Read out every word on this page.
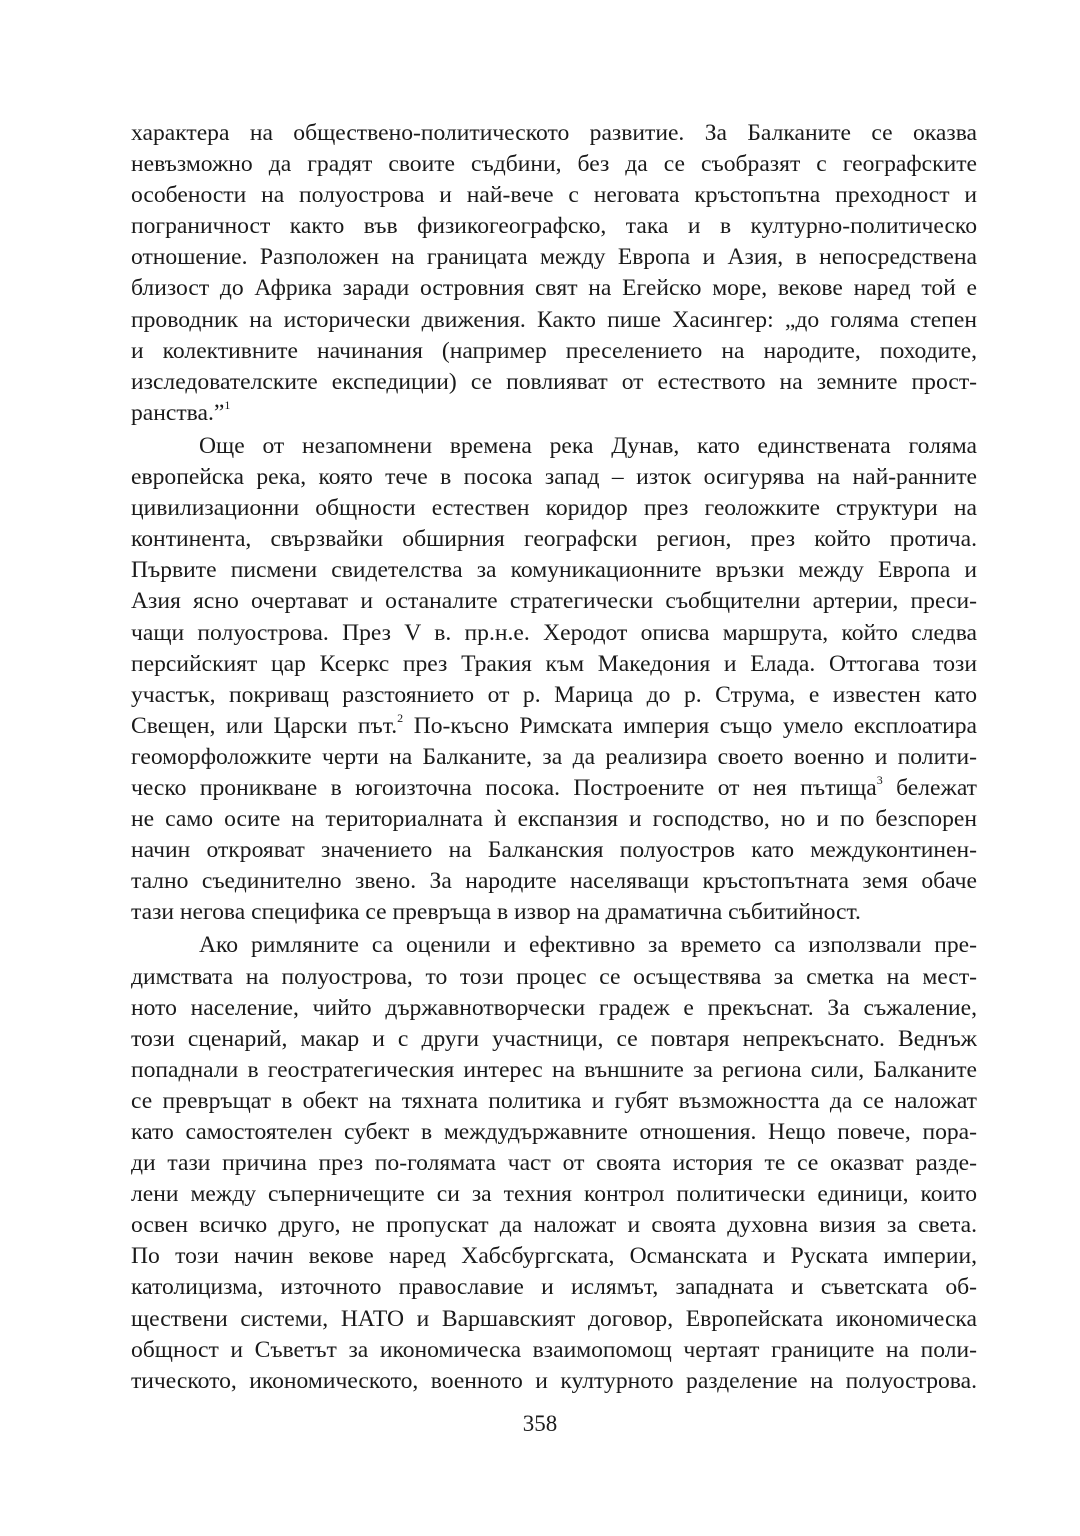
характера на обществено-политическото развитие. За Балканите се оказва
невъзможно да градят своите съдбини, без да се съобразят с географските
особености на полуострова и най-вече с неговата кръстопътна преходност и
пограничност както във физикогеографско, така и в културно-политическо
отношение. Разположен на границата между Европа и Азия, в непосредствена
близост до Африка заради островния свят на Егейско море, векове наред той е
проводник на исторически движения. Както пише Хасингер: „до голяма степен
и колективните начинания (например преселението на народите, походите,
изследователските експедиции) се повлияват от естеството на земните прост-
ранства.”$^1$

Още от незапомнени времена река Дунав, като единствената голяма
европейска река, която тече в посока запад – изток осигурява на най-ранните
цивилизационни общности естествен коридор през геоложките структури на
континента, свързвайки обширния географски регион, през който протича.
Първите писмени свидетелства за комуникационните връзки между Европа и
Азия ясно очертават и останалите стратегически съобщителни артерии, преси-
чащи полуострова. През V в. пр.н.е. Херодот описва маршрута, който следва
персийският цар Ксеркс през Тракия към Македония и Елада. Оттогава този
участък, покриващ разстоянието от р. Марица до р. Струма, е известен като
Свещен, или Царски път.$^2$ По-късно Римската империя също умело експлоатира
геоморфоложките черти на Балканите, за да реализира своето военно и полити-
ческо проникване в югоизточна посока. Построените от нея пътища$^3$ бележат
не само осите на териториалната ѝ експанзия и господство, но и по безспорен
начин открояват значението на Балканския полуостров като междуконтинен-
тално съединително звено. За народите населяващи кръстопътната земя обаче
тази негова специфика се превръща в извор на драматична събитийност.

Ако римляните са оценили и ефективно за времето са използвали пре-
димствата на полуострова, то този процес се осъществява за сметка на мест-
ното население, чийто държавнотворчески градеж е прекъснат. За съжаление,
този сценарий, макар и с други участници, се повтаря непрекъснато. Веднъж
попаднали в геостратегическия интерес на външните за региона сили, Балканите
се превръщат в обект на тяхната политика и губят възможността да се наложат
като самостоятелен субект в междудържавните отношения. Нещо повече, пора-
ди тази причина през по-голямата част от своята история те се оказват разде-
лени между съперничещите си за техния контрол политически единици, които
освен всичко друго, не пропускат да наложат и своята духовна визия за света.
По този начин векове наред Хабсбургската, Османската и Руската империи,
католицизма, източното православие и ислямът, западната и съветската об-
ществени системи, НАТО и Варшавският договор, Европейската икономическа
общност и Съветът за икономическа взаимопомощ чертаят границите на поли-
тическото, икономическото, военното и културното разделение на полуострова.

358
